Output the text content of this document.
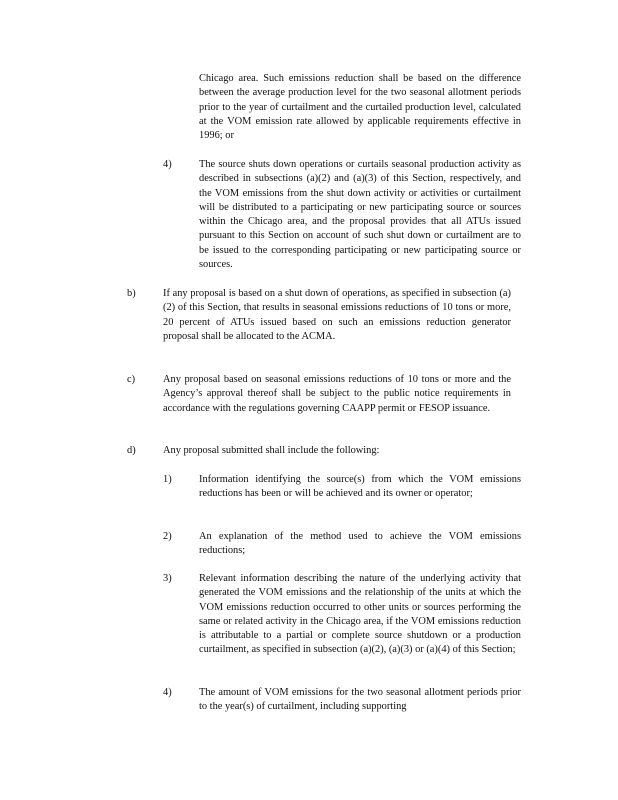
Chicago area. Such emissions reduction shall be based on the difference between the average production level for the two seasonal allotment periods prior to the year of curtailment and the curtailed production level, calculated at the VOM emission rate allowed by applicable requirements effective in 1996; or

4)	The source shuts down operations or curtails seasonal production activity as described in subsections (a)(2) and (a)(3) of this Section, respectively, and the VOM emissions from the shut down activity or activities or curtailment will be distributed to a participating or new participating source or sources within the Chicago area, and the proposal provides that all ATUs issued pursuant to this Section on account of such shut down or curtailment are to be issued to the corresponding participating or new participating source or sources.

b)	If any proposal is based on a shut down of operations, as specified in subsection (a)(2) of this Section, that results in seasonal emissions reductions of 10 tons or more, 20 percent of ATUs issued based on such an emissions reduction generator proposal shall be allocated to the ACMA.

c)	Any proposal based on seasonal emissions reductions of 10 tons or more and the Agency’s approval thereof shall be subject to the public notice requirements in accordance with the regulations governing CAAPP permit or FESOP issuance.

d)	Any proposal submitted shall include the following:

1)	Information identifying the source(s) from which the VOM emissions reductions has been or will be achieved and its owner or operator;

2)	An explanation of the method used to achieve the VOM emissions reductions;

3)	Relevant information describing the nature of the underlying activity that generated the VOM emissions and the relationship of the units at which the VOM emissions reduction occurred to other units or sources performing the same or related activity in the Chicago area, if the VOM emissions reduction is attributable to a partial or complete source shutdown or a production curtailment, as specified in subsection (a)(2), (a)(3) or (a)(4) of this Section;

4)	The amount of VOM emissions for the two seasonal allotment periods prior to the year(s) of curtailment, including supporting
